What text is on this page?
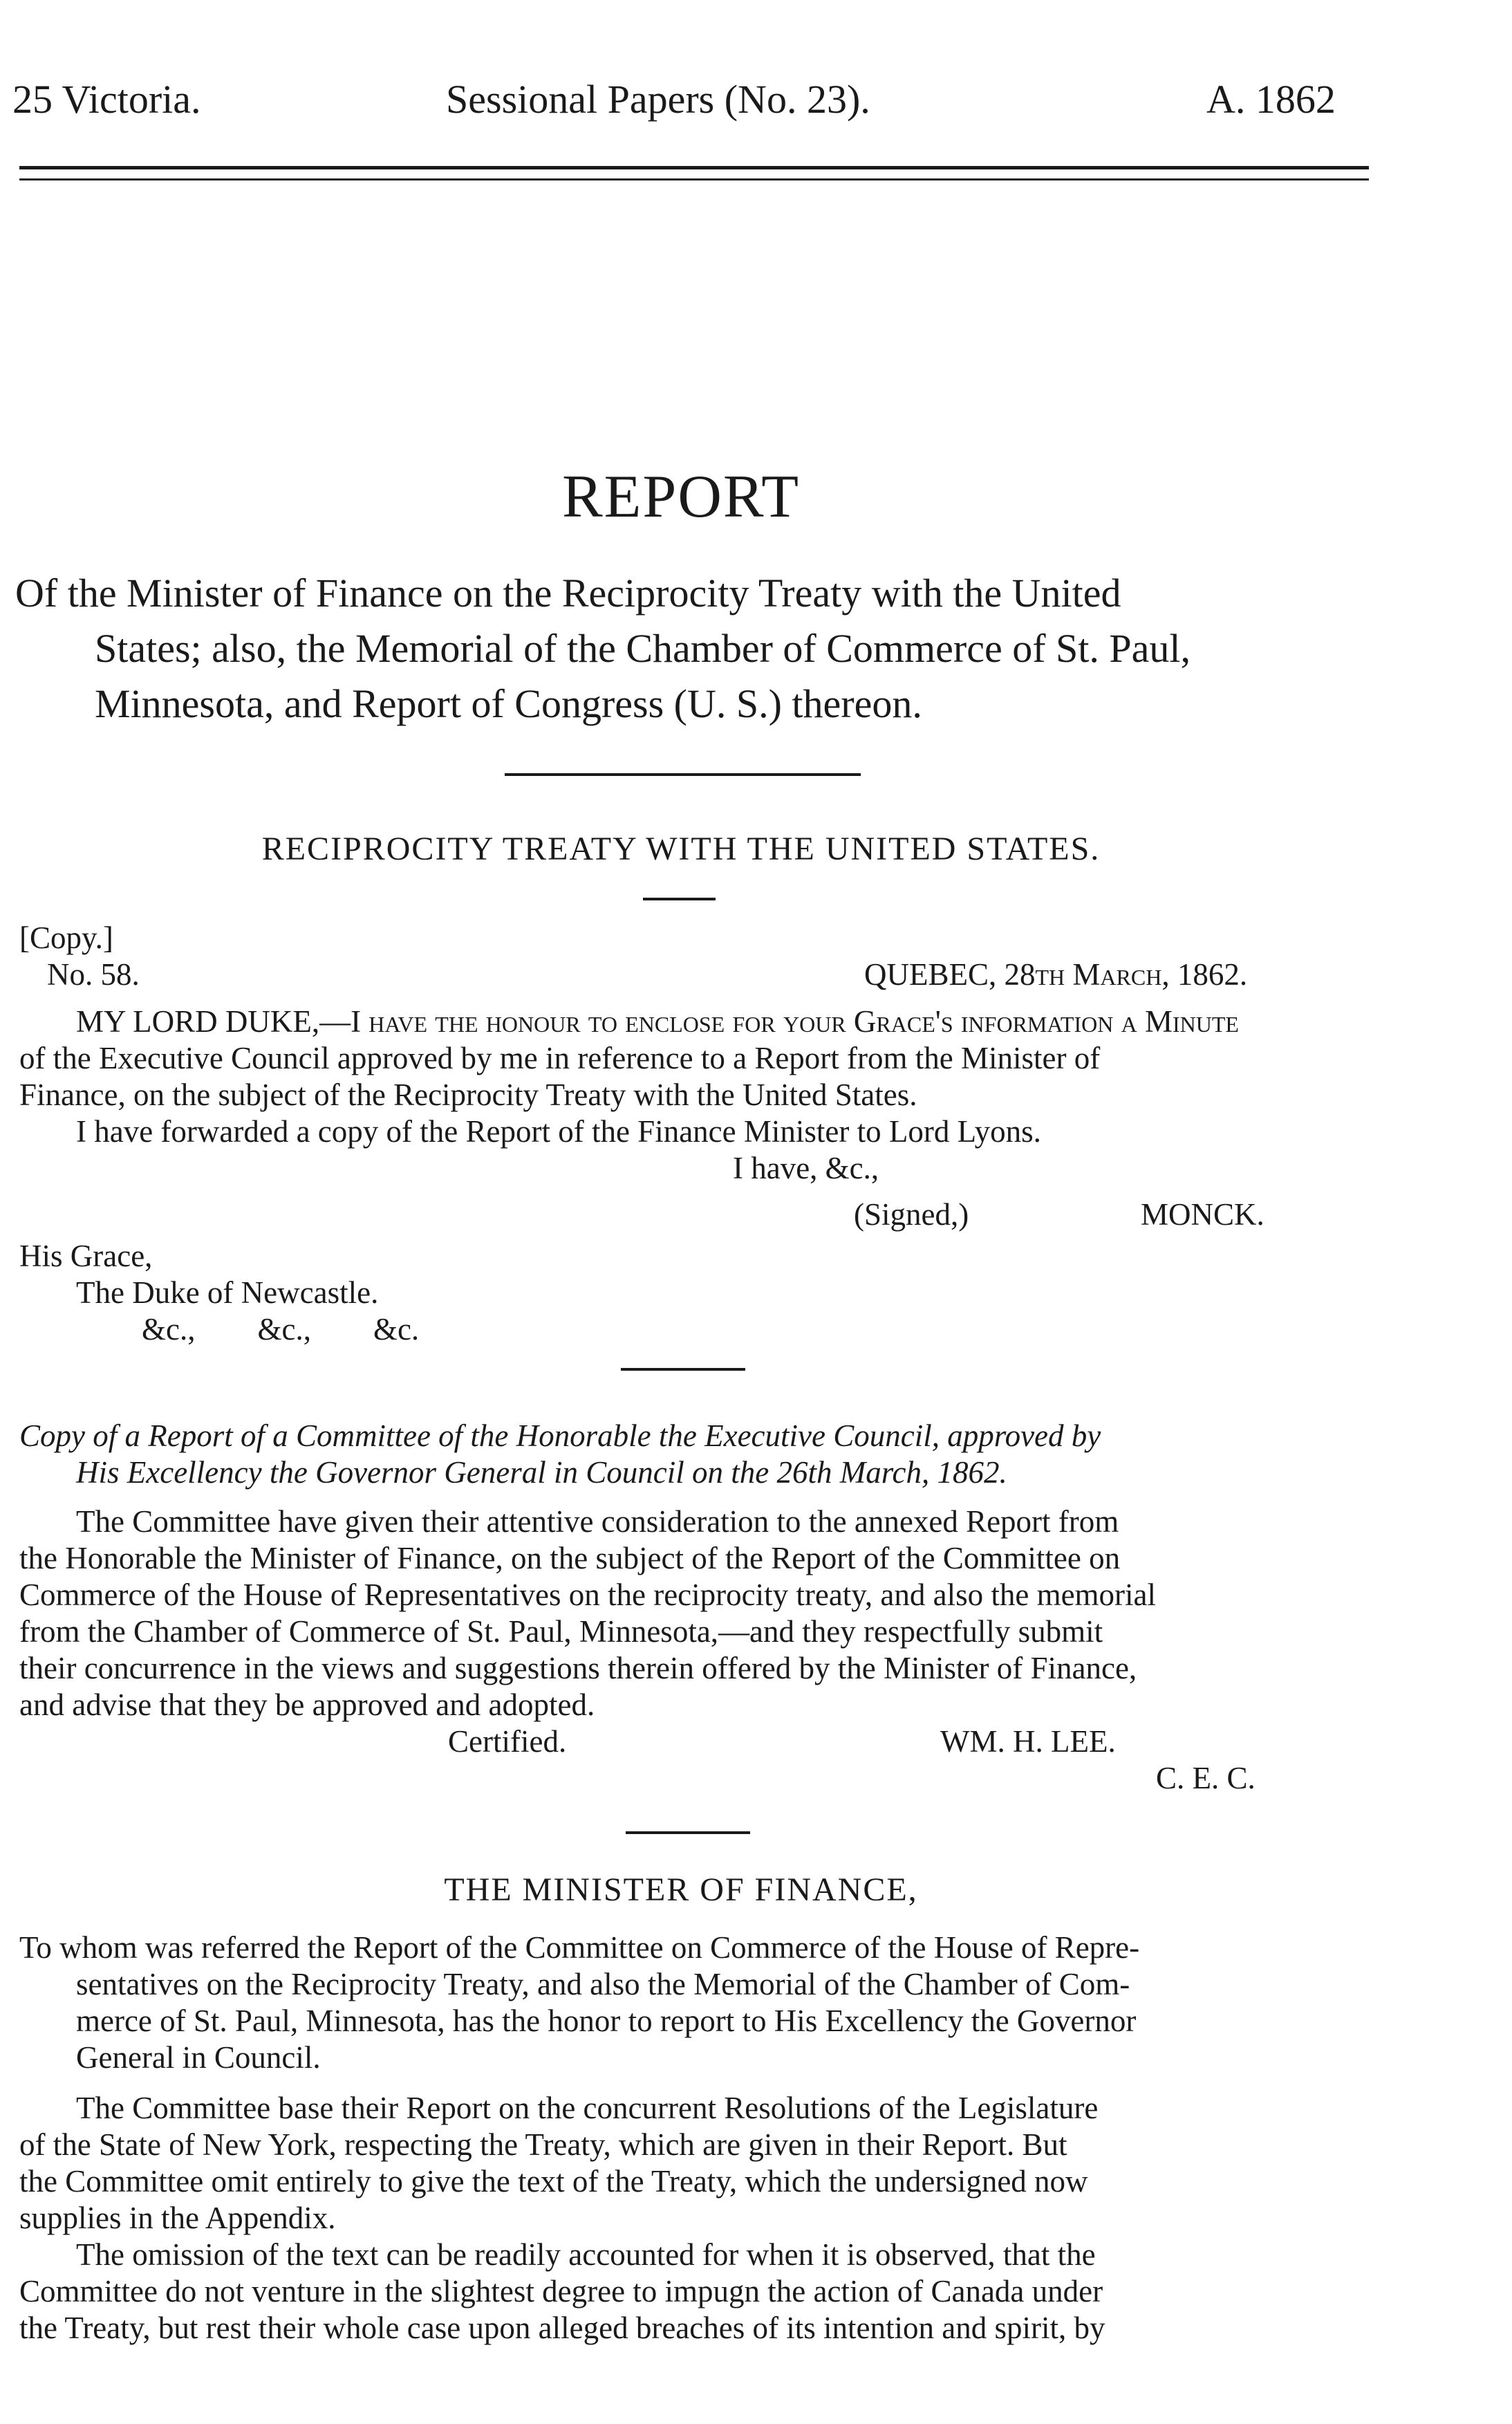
25 Victoria.	Sessional Papers (No. 23).	A. 1862
REPORT
Of the Minister of Finance on the Reciprocity Treaty with the United
States; also, the Memorial of the Chamber of Commerce of St. Paul,
Minnesota, and Report of Congress (U. S.) thereon.
RECIPROCITY TREATY WITH THE UNITED STATES.
[Copy.]
No. 58.	QUEBEC, 28th March, 1862.
MY LORD DUKE,—I have the honour to enclose for your Grace's information a Minute
of the Executive Council approved by me in reference to a Report from the Minister of
Finance, on the subject of the Reciprocity Treaty with the United States.
I have forwarded a copy of the Report of the Finance Minister to Lord Lyons.
I have, &c.,
(Signed,)	MONCK.
His Grace,
The Duke of Newcastle.
&c.,        &c.,        &c.
Copy of a Report of a Committee of the Honorable the Executive Council, approved by
His Excellency the Governor General in Council on the 26th March, 1862.
The Committee have given their attentive consideration to the annexed Report from
the Honorable the Minister of Finance, on the subject of the Report of the Committee on
Commerce of the House of Representatives on the reciprocity treaty, and also the memorial
from the Chamber of Commerce of St. Paul, Minnesota,—and they respectfully submit
their concurrence in the views and suggestions therein offered by the Minister of Finance,
and advise that they be approved and adopted.
Certified.	WM. H. LEE.
C. E. C.
THE MINISTER OF FINANCE,
To whom was referred the Report of the Committee on Commerce of the House of Repre-
sentatives on the Reciprocity Treaty, and also the Memorial of the Chamber of Com-
merce of St. Paul, Minnesota, has the honor to report to His Excellency the Governor
General in Council.
The Committee base their Report on the concurrent Resolutions of the Legislature
of the State of New York, respecting the Treaty, which are given in their Report. But
the Committee omit entirely to give the text of the Treaty, which the undersigned now
supplies in the Appendix.
The omission of the text can be readily accounted for when it is observed, that the
Committee do not venture in the slightest degree to impugn the action of Canada under
the Treaty, but rest their whole case upon alleged breaches of its intention and spirit, by
